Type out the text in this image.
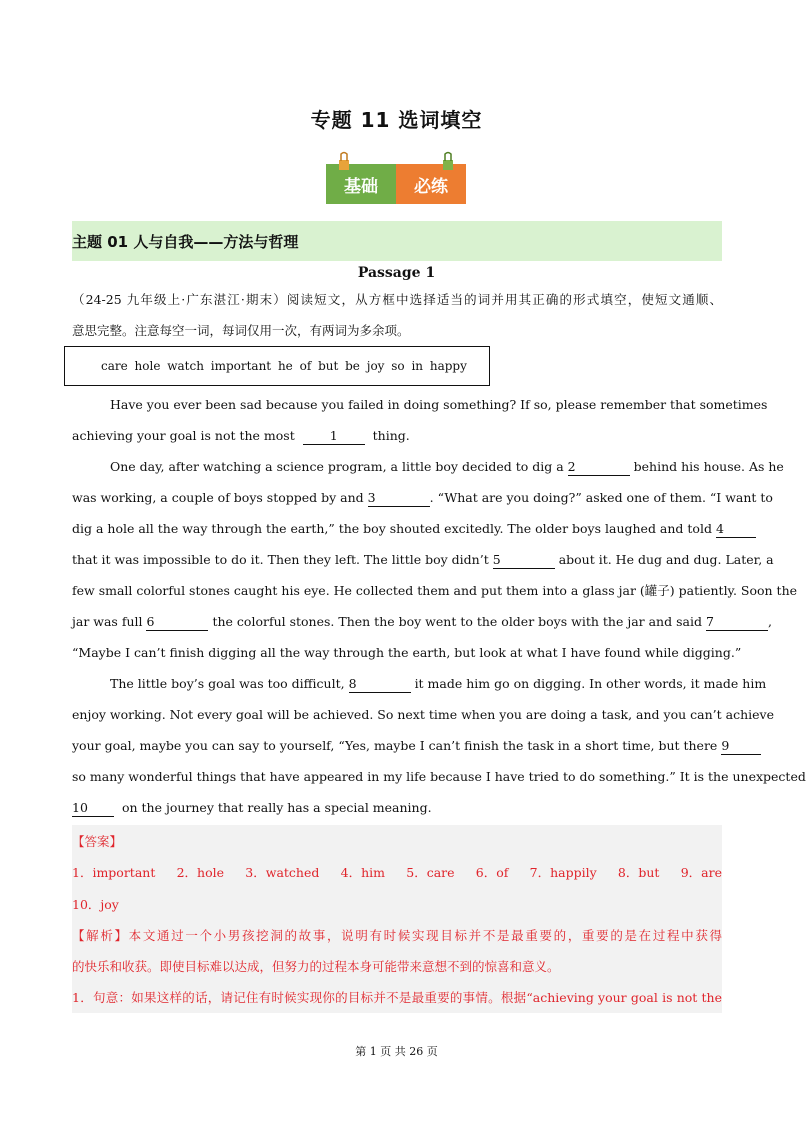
专题 11 选词填空
基础	必练
主题 01 人与自我——方法与哲理
Passage 1
（24-25 九年级上·广东湛江·期末）阅读短文，从方框中选择适当的词并用其正确的形式填空，使短文通顺、
意思完整。注意每空一词，每词仅用一次，有两词为多余项。
care hole watch important he of but be joy so in happy
Have you ever been sad because you failed in doing something? If so, please remember that sometimes
achieving your goal is not the most	1	thing.
One day, after watching a science program, a little boy decided to dig a 2	behind his house. As he
was working, a couple of boys stopped by and 3	. “What are you doing?” asked one of them. “I want to
dig a hole all the way through the earth,” the boy shouted excitedly. The older boys laughed and told 4
that it was impossible to do it. Then they left. The little boy didn’t 5	about it. He dug and dug. Later, a
few small colorful stones caught his eye. He collected them and put them into a glass jar (罐子) patiently. Soon the
jar was full 6	the colorful stones. Then the boy went to the older boys with the jar and said 7	,
“Maybe I can’t finish digging all the way through the earth, but look at what I have found while digging.”
The little boy’s goal was too difficult, 8	it made him go on digging. In other words, it made him
enjoy working. Not every goal will be achieved. So next time when you are doing a task, and you can’t achieve
your goal, maybe you can say to yourself, “Yes, maybe I can’t finish the task in a short time, but there 9
so many wonderful things that have appeared in my life because I have tried to do something.” It is the unexpected
10	on the journey that really has a special meaning.
【答案】
1．important 2．hole 3．watched 4．him 5．care 6．of 7．happily 8．but 9．are
10．joy
【解析】本文通过一个小男孩挖洞的故事，说明有时候实现目标并不是最重要的，重要的是在过程中获得
的快乐和收获。即使目标难以达成，但努力的过程本身可能带来意想不到的惊喜和意义。
1．句意：如果这样的话，请记住有时候实现你的目标并不是最重要的事情。根据“achieving your goal is not the
第 1 页 共 26 页
